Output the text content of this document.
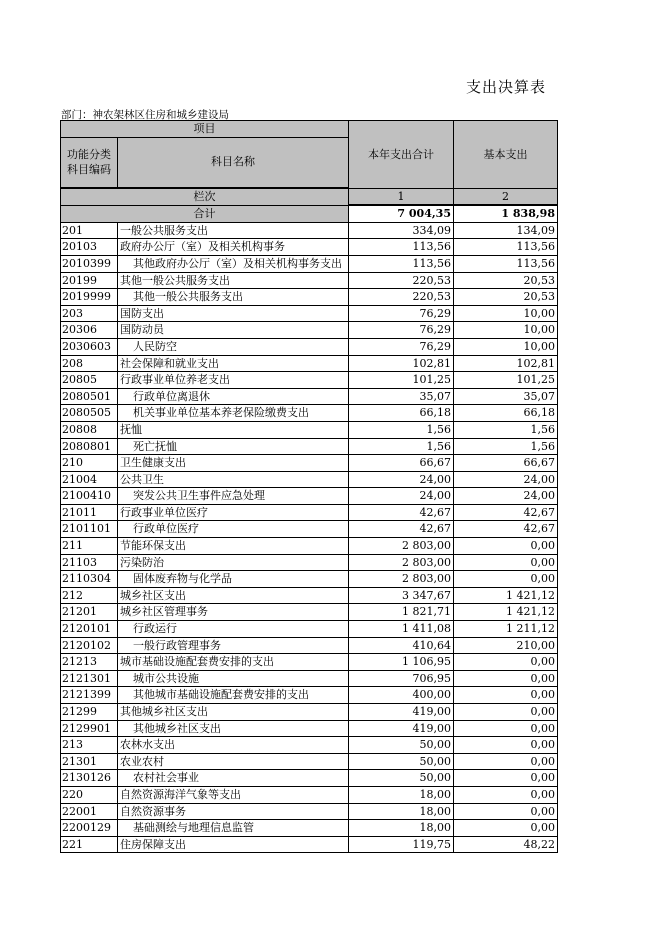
支出决算表
部门：神农架林区住房和城乡建设局
项目		本年支出合计	基本支出
功能分类
科目编码	科目名称		

栏次		1	2
合计		7 004,35	1 838,98
201	一般公共服务支出	334,09	134,09
20103	政府办公厅（室）及相关机构事务	113,56	113,56
2010399	其他政府办公厅（室）及相关机构事务支出	113,56	113,56
20199	其他一般公共服务支出	220,53	20,53
2019999	其他一般公共服务支出	220,53	20,53
203	国防支出	76,29	10,00
20306	国防动员	76,29	10,00
2030603	人民防空	76,29	10,00
208	社会保障和就业支出	102,81	102,81
20805	行政事业单位养老支出	101,25	101,25
2080501	行政单位离退休	35,07	35,07
2080505	机关事业单位基本养老保险缴费支出	66,18	66,18
20808	抚恤	1,56	1,56
2080801	死亡抚恤	1,56	1,56
210	卫生健康支出	66,67	66,67
21004	公共卫生	24,00	24,00
2100410	突发公共卫生事件应急处理	24,00	24,00
21011	行政事业单位医疗	42,67	42,67
2101101	行政单位医疗	42,67	42,67
211	节能环保支出	2 803,00	0,00
21103	污染防治	2 803,00	0,00
2110304	固体废弃物与化学品	2 803,00	0,00
212	城乡社区支出	3 347,67	1 421,12
21201	城乡社区管理事务	1 821,71	1 421,12
2120101	行政运行	1 411,08	1 211,12
2120102	一般行政管理事务	410,64	210,00
21213	城市基础设施配套费安排的支出	1 106,95	0,00
2121301	城市公共设施	706,95	0,00
2121399	其他城市基础设施配套费安排的支出	400,00	0,00
21299	其他城乡社区支出	419,00	0,00
2129901	其他城乡社区支出	419,00	0,00
213	农林水支出	50,00	0,00
21301	农业农村	50,00	0,00
2130126	农村社会事业	50,00	0,00
220	自然资源海洋气象等支出	18,00	0,00
22001	自然资源事务	18,00	0,00
2200129	基础测绘与地理信息监管	18,00	0,00
221	住房保障支出	119,75	48,22
